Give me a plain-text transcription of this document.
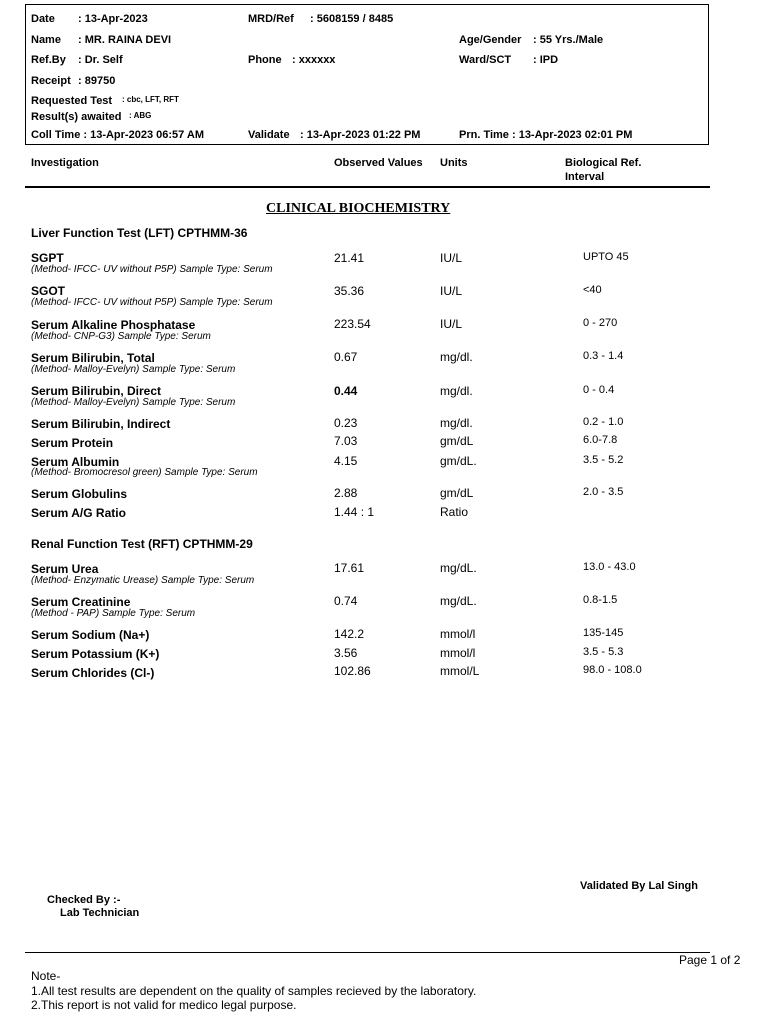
Date : 13-Apr-2023	MRD/Ref : 5608159 / 8485
Name : MR. RAINA DEVI	Age/Gender : 55 Yrs./Male
Ref.By : Dr. Self	Phone : xxxxxx	Ward/SCT : IPD
Receipt : 89750
Requested Test : cbc, LFT, RFT
Result(s) awaited : ABG
Coll Time : 13-Apr-2023 06:57 AM	Validate : 13-Apr-2023 01:22 PM	Prn. Time : 13-Apr-2023 02:01 PM
Investigation	Observed Values Units	Biological Ref.
Interval
CLINICAL BIOCHEMISTRY
Liver Function Test (LFT) CPTHMM-36
SGPT
(Method- IFCC- UV without P5P) Sample Type: Serum
21.41	IU/L	UPTO 45
SGOT
(Method- IFCC- UV without P5P) Sample Type: Serum
35.36	IU/L	<40
Serum Alkaline Phosphatase
(Method- CNP-G3) Sample Type: Serum
223.54	IU/L	0 - 270
Serum Bilirubin, Total
(Method- Malloy-Evelyn) Sample Type: Serum
0.67	mg/dl.	0.3 - 1.4
Serum Bilirubin, Direct
(Method- Malloy-Evelyn) Sample Type: Serum
0.44	mg/dl.	0 - 0.4
Serum Bilirubin, Indirect	0.23	mg/dl.	0.2 - 1.0
Serum Protein	7.03	gm/dL	6.0-7.8
Serum Albumin
(Method- Bromocresol green) Sample Type: Serum
4.15	gm/dL.	3.5 - 5.2
Serum Globulins	2.88	gm/dL	2.0 - 3.5
Serum A/G Ratio	1.44 : 1	Ratio
Renal Function Test (RFT) CPTHMM-29
Serum Urea
(Method- Enzymatic Urease) Sample Type: Serum
17.61	mg/dL.	13.0 - 43.0
Serum Creatinine
(Method - PAP) Sample Type: Serum
0.74	mg/dL.	0.8-1.5
Serum Sodium (Na+)	142.2	mmol/l	135-145
Serum Potassium (K+)	3.56	mmol/l	3.5 - 5.3
Serum Chlorides (Cl-)	102.86	mmol/L	98.0 - 108.0
Validated By Lal Singh
Checked By :-
Lab Technician
Page 1 of 2
Note-
1.All test results are dependent on the quality of samples recieved by the laboratory.
2.This report is not valid for medico legal purpose.
